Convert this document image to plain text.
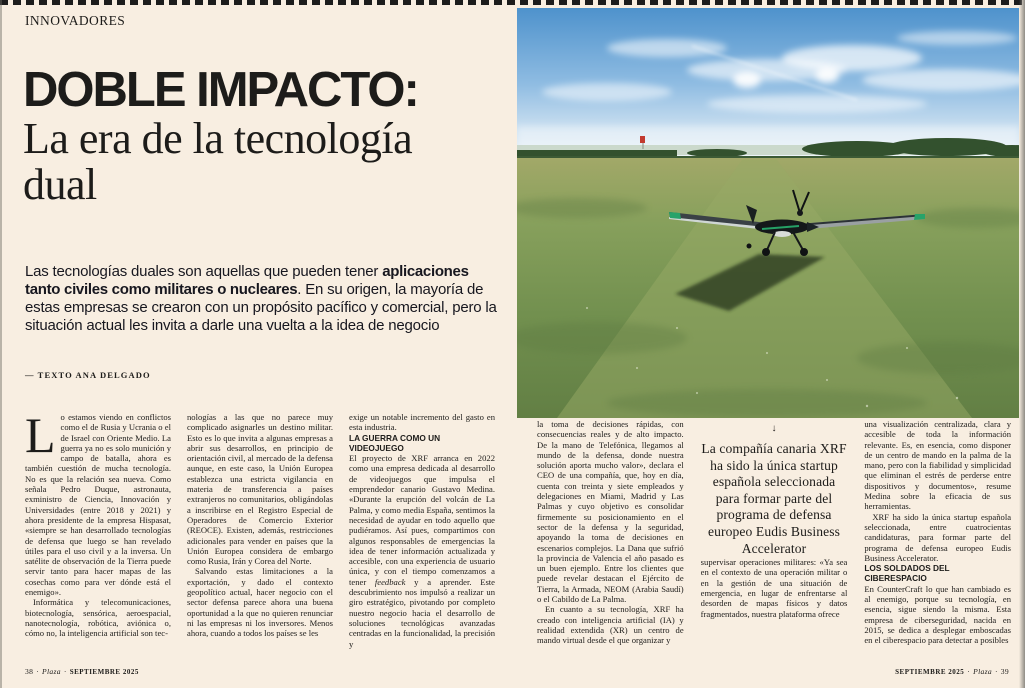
INNOVADORES
DOBLE IMPACTO:
La era de la tecnología
dual
Las tecnologías duales son aquellas que pueden tener aplicaciones tanto civiles como militares o nucleares. En su origen, la mayoría de estas empresas se crearon con un propósito pacífico y comercial, pero la situación actual les invita a darle una vuelta a la idea de negocio
— TEXTO ANA DELGADO

Lo estamos viendo en conflictos como el de Rusia y Ucrania o el de Israel con Oriente Medio. La guerra ya no es solo munición y campo de batalla, ahora es también cuestión de mucha tecnología. No es que la relación sea nueva. Como señala Pedro Duque, astronauta, exministro de Ciencia, Innovación y Universidades (entre 2018 y 2021) y ahora presidente de la empresa Hispasat, «siempre se han desarrollado tecnologías de defensa que luego se han revelado útiles para el uso civil y a la inversa. Un satélite de observación de la Tierra puede servir tanto para hacer mapas de las cosechas como para ver dónde está el enemigo».

Informática y telecomunicaciones, biotecnología, sensórica, aeroespacial, nanotecnología, robótica, aviónica o, cómo no, la inteligencia artificial son tec-

nologías a las que no parece muy complicado asignarles un destino militar. Esto es lo que invita a algunas empresas a abrir sus desarrollos, en principio de orientación civil, al mercado de la defensa aunque, en este caso, la Unión Europea establezca una estricta vigilancia en materia de transferencia a países extranjeros no comunitarios, obligándolas a inscribirse en el Registro Especial de Operadores de Comercio Exterior (REOCE). Existen, además, restricciones adicionales para vender en países que la Unión Europea considera de embargo como Rusia, Irán y Corea del Norte.

Salvando estas limitaciones a la exportación, y dado el contexto geopolítico actual, hacer negocio con el sector defensa parece ahora una buena oportunidad a la que no quieren renunciar ni las empresas ni los inversores. Menos ahora, cuando a todos los países se les

exige un notable incremento del gasto en esta industria.

LA GUERRA COMO UN VIDEOJUEGO

El proyecto de XRF arranca en 2022 como una empresa dedicada al desarrollo de videojuegos que impulsa el emprendedor canario Gustavo Medina. «Durante la erupción del volcán de La Palma, y como media España, sentimos la necesidad de ayudar en todo aquello que pudiéramos. Así pues, compartimos con algunos responsables de emergencias la idea de tener información actualizada y accesible, con una experiencia de usuario única, y con el tiempo comenzamos a tener feedback y a aprender. Este descubrimiento nos impulsó a realizar un giro estratégico, pivotando por completo nuestro negocio hacia el desarrollo de soluciones tecnológicas avanzadas centradas en la funcionalidad, la precisión y

38 · Plaza · SEPTIEMBRE 2025

la toma de decisiones rápidas, con consecuencias reales y de alto impacto. De la mano de Telefónica, llegamos al mundo de la defensa, donde nuestra solución aporta mucho valor», declara el CEO de una compañía, que, hoy en día, cuenta con treinta y siete empleados y delegaciones en Miami, Madrid y Las Palmas y cuyo objetivo es consolidar firmemente su posicionamiento en el sector de la defensa y la seguridad, apoyando la toma de decisiones en escenarios complejos. La Dana que sufrió la provincia de Valencia el año pasado es un buen ejemplo. Entre los clientes que puede revelar destacan el Ejército de Tierra, la Armada, NEOM (Arabia Saudí) o el Cabildo de La Palma.

En cuanto a su tecnología, XRF ha creado con inteligencia artificial (IA) y realidad extendida (XR) un centro de mando virtual desde el que organizar y

↓
La compañía canaria XRF ha sido la única startup española seleccionada para formar parte del programa de defensa europeo Eudis Business Accelerator

supervisar operaciones militares: «Ya sea en el contexto de una operación militar o en la gestión de una situación de emergencia, en lugar de enfrentarse al desorden de mapas físicos y datos fragmentados, nuestra plataforma ofrece

una visualización centralizada, clara y accesible de toda la información relevante. Es, en esencia, como disponer de un centro de mando en la palma de la mano, pero con la fiabilidad y simplicidad que eliminan el estrés de perderse entre dispositivos y documentos», resume Medina sobre la eficacia de sus herramientas.

XRF ha sido la única startup española seleccionada, entre cuatrocientas candidaturas, para formar parte del programa de defensa europeo Eudis Business Accelerator.

LOS SOLDADOS DEL CIBERESPACIO

En CounterCraft lo que han cambiado es al enemigo, porque su tecnología, en esencia, sigue siendo la misma. Esta empresa de ciberseguridad, nacida en 2015, se dedica a desplegar emboscadas en el ciberespacio para detectar a posibles

SEPTIEMBRE 2025 · Plaza · 39
